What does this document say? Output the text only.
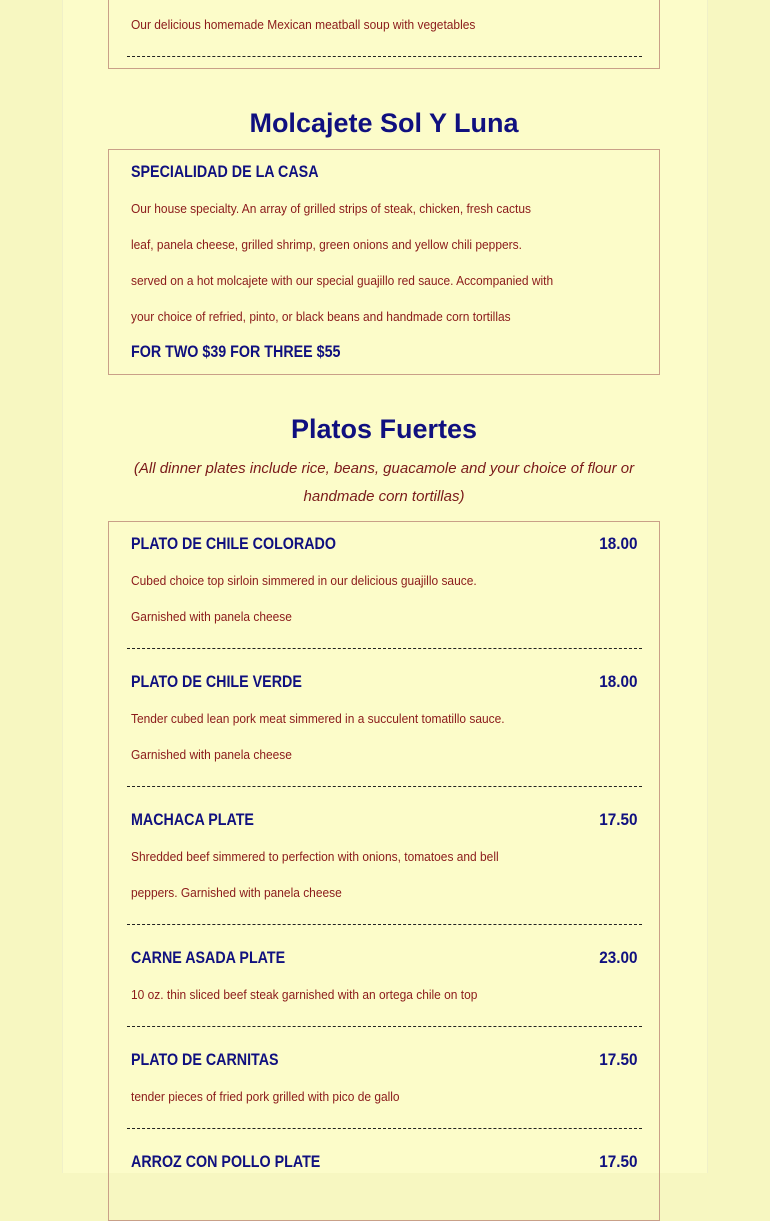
Our delicious homemade Mexican meatball soup with vegetables
Molcajete Sol Y Luna
SPECIALIDAD DE LA CASA
Our house specialty. An array of grilled strips of steak, chicken, fresh cactus
leaf, panela cheese, grilled shrimp, green onions and yellow chili peppers.
served on a hot molcajete with our special guajillo red sauce. Accompanied with
your choice of refried, pinto, or black beans and handmade corn tortillas
FOR TWO $39 FOR THREE $55
Platos Fuertes
(All dinner plates include rice, beans, guacamole and your choice of flour or
handmade corn tortillas)
PLATO DE CHILE COLORADO	18.00
Cubed choice top sirloin simmered in our delicious guajillo sauce.
Garnished with panela cheese
PLATO DE CHILE VERDE	18.00
Tender cubed lean pork meat simmered in a succulent tomatillo sauce.
Garnished with panela cheese
MACHACA PLATE	17.50
Shredded beef simmered to perfection with onions, tomatoes and bell
peppers. Garnished with panela cheese
CARNE ASADA PLATE	23.00
10 oz. thin sliced beef steak garnished with an ortega chile on top
PLATO DE CARNITAS	17.50
tender pieces of fried pork grilled with pico de gallo
ARROZ CON POLLO PLATE	17.50
